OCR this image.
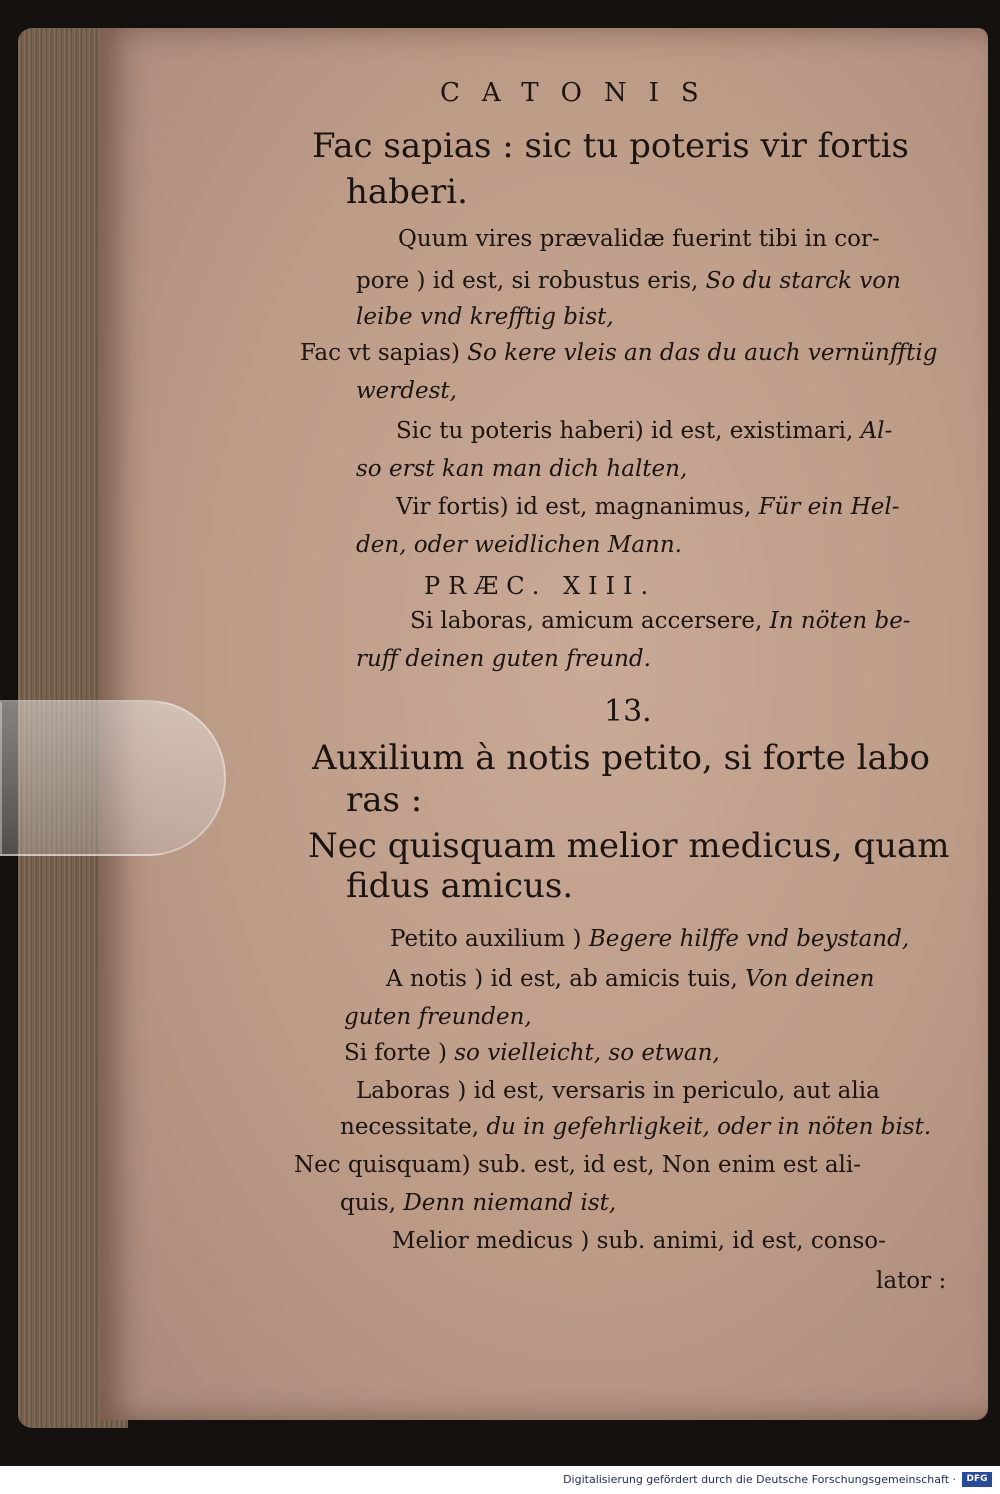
CATONIS
Fac sapias : sic tu poteris vir fortis
haberi.
Quum vires prævalidæ fuerint tibi in cor-
pore ) id est, si robustus eris, So du starck von
leibe vnd krefftig bist,
Fac vt sapias) So kere vleis an das du auch vernünfftig
werdest,
Sic tu poteris haberi) id est, existimari, Al-
so erst kan man dich halten,
Vir fortis) id est, magnanimus, Für ein Hel-
den, oder weidlichen Mann.
PRÆC. XIII.
Si laboras, amicum accersere, In nöten be-
ruff deinen guten freund.
13.
Auxilium à notis petito, si forte labo
ras :
Nec quisquam melior medicus, quam
fidus amicus.
Petito auxilium ) Begere hilffe vnd beystand,
A notis ) id est, ab amicis tuis, Von deinen
guten freunden,
Si forte ) so vielleicht, so etwan,
Laboras ) id est, versaris in periculo, aut alia
necessitate, du in gefehrligkeit, oder in nöten bist.
Nec quisquam) sub. est, id est, Non enim est ali-
quis, Denn niemand ist,
Melior medicus ) sub. animi, id est, conso-
lator :
Digitalisierung gefördert durch die Deutsche Forschungsgemeinschaft ·	DFG
